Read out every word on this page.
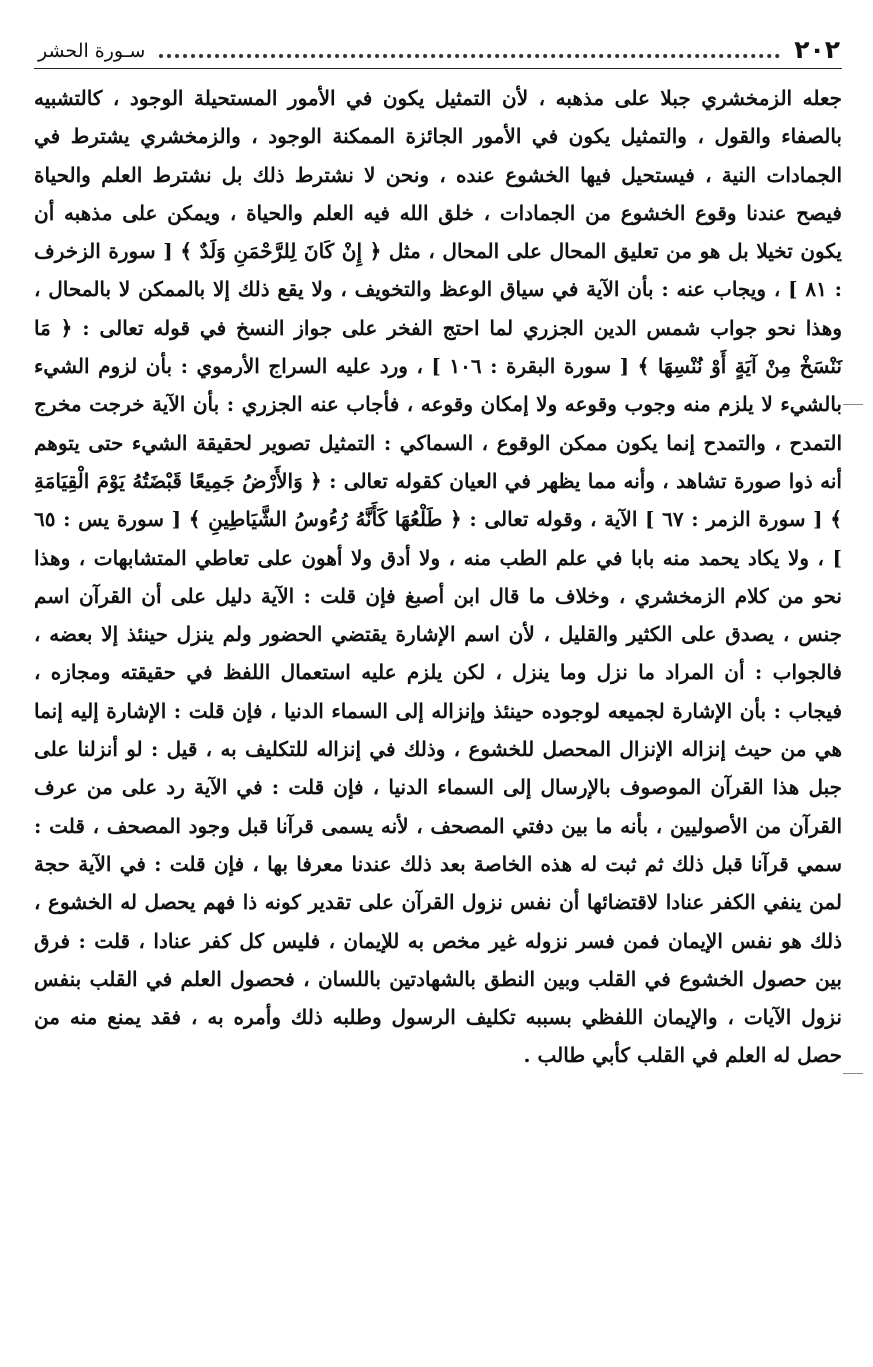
٢٠٢
سـورة الحشر

جعله الزمخشري جبلا على مذهبه ، لأن التمثيل يكون في الأمور المستحيلة الوجود ، كالتشبيه بالصفاء والقول ، والتمثيل يكون في الأمور الجائزة الممكنة الوجود ، والزمخشري يشترط في الجمادات النية ، فيستحيل فيها الخشوع عنده ، ونحن لا نشترط ذلك بل نشترط العلم والحياة فيصح عندنا وقوع الخشوع من الجمادات ، خلق الله فيه العلم والحياة ، ويمكن على مذهبه أن يكون تخيلا بل هو من تعليق المحال على المحال ، مثل ﴿ إِنْ كَانَ لِلرَّحْمَنِ وَلَدٌ ﴾ [ سورة الزخرف : ٨١ ] ، ويجاب عنه : بأن الآية في سياق الوعظ والتخويف ، ولا يقع ذلك إلا بالممكن لا بالمحال ، وهذا نحو جواب شمس الدين الجزري لما احتج الفخر على جواز النسخ في قوله تعالى : ﴿ مَا نَنْسَخْ مِنْ آيَةٍ أَوْ نُنْسِهَا ﴾ [ سورة البقرة : ١٠٦ ] ، ورد عليه السراج الأرموي : بأن لزوم الشيء بالشيء لا يلزم منه وجوب وقوعه ولا إمكان وقوعه ، فأجاب عنه الجزري : بأن الآية خرجت مخرج التمدح ، والتمدح إنما يكون ممكن الوقوع ، السماكي : التمثيل تصوير لحقيقة الشيء حتى يتوهم أنه ذوا صورة تشاهد ، وأنه مما يظهر في العيان كقوله تعالى : ﴿ وَالأَرْضُ جَمِيعًا قَبْضَتُهُ يَوْمَ الْقِيَامَةِ ﴾ [ سورة الزمر : ٦٧ ] الآية ، وقوله تعالى : ﴿ طَلْعُهَا كَأَنَّهُ رُءُوسُ الشَّيَاطِينِ ﴾ [ سورة يس : ٦٥ ] ، ولا يكاد يحمد منه بابا في علم الطب منه ، ولا أدق ولا أهون على تعاطي المتشابهات ، وهذا نحو من كلام الزمخشري ، وخلاف ما قال ابن أصبغ فإن قلت : الآية دليل على أن القرآن اسم جنس ، يصدق على الكثير والقليل ، لأن اسم الإشارة يقتضي الحضور ولم ينزل حينئذ إلا بعضه ، فالجواب : أن المراد ما نزل وما ينزل ، لكن يلزم عليه استعمال اللفظ في حقيقته ومجازه ، فيجاب : بأن الإشارة لجميعه لوجوده حينئذ وإنزاله إلى السماء الدنيا ، فإن قلت : الإشارة إليه إنما هي من حيث إنزاله الإنزال المحصل للخشوع ، وذلك في إنزاله للتكليف به ، قيل : لو أنزلنا على جبل هذا القرآن الموصوف بالإرسال إلى السماء الدنيا ، فإن قلت : في الآية رد على من عرف القرآن من الأصوليين ، بأنه ما بين دفتي المصحف ، لأنه يسمى قرآنا قبل وجود المصحف ، قلت : سمي قرآنا قبل ذلك ثم ثبت له هذه الخاصة بعد ذلك عندنا معرفا بها ، فإن قلت : في الآية حجة لمن ينفي الكفر عنادا لاقتضائها أن نفس نزول القرآن على تقدير كونه ذا فهم يحصل له الخشوع ، ذلك هو نفس الإيمان فمن فسر نزوله غير مخص به للإيمان ، فليس كل كفر عنادا ، قلت : فرق بين حصول الخشوع في القلب وبين النطق بالشهادتين باللسان ، فحصول العلم في القلب بنفس نزول الآيات ، والإيمان اللفظي بسببه تكليف الرسول وطلبه ذلك وأمره به ، فقد يمنع منه من حصل له العلم في القلب كأبي طالب .
